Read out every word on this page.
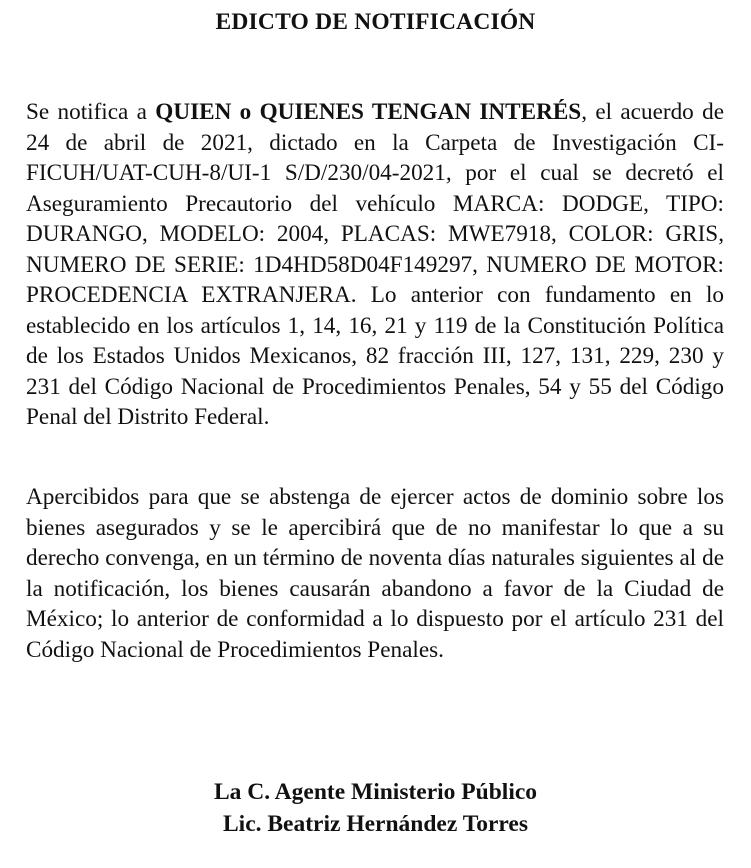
EDICTO DE NOTIFICACIÓN

Se notifica a QUIEN o QUIENES TENGAN INTERÉS, el acuerdo de 24 de abril de 2021, dictado en la Carpeta de Investigación CI-FICUH/UAT-CUH-8/UI-1 S/D/230/04-2021, por el cual se decretó el Aseguramiento Precautorio del vehículo MARCA: DODGE, TIPO: DURANGO, MODELO: 2004, PLACAS: MWE7918, COLOR: GRIS, NUMERO DE SERIE: 1D4HD58D04F149297, NUMERO DE MOTOR: PROCEDENCIA EXTRANJERA. Lo anterior con fundamento en lo establecido en los artículos 1, 14, 16, 21 y 119 de la Constitución Política de los Estados Unidos Mexicanos, 82 fracción III, 127, 131, 229, 230 y 231 del Código Nacional de Procedimientos Penales, 54 y 55 del Código Penal del Distrito Federal.

Apercibidos para que se abstenga de ejercer actos de dominio sobre los bienes asegurados y se le apercibirá que de no manifestar lo que a su derecho convenga, en un término de noventa días naturales siguientes al de la notificación, los bienes causarán abandono a favor de la Ciudad de México; lo anterior de conformidad a lo dispuesto por el artículo 231 del Código Nacional de Procedimientos Penales.

La C. Agente Ministerio Público
Lic. Beatriz Hernández Torres
